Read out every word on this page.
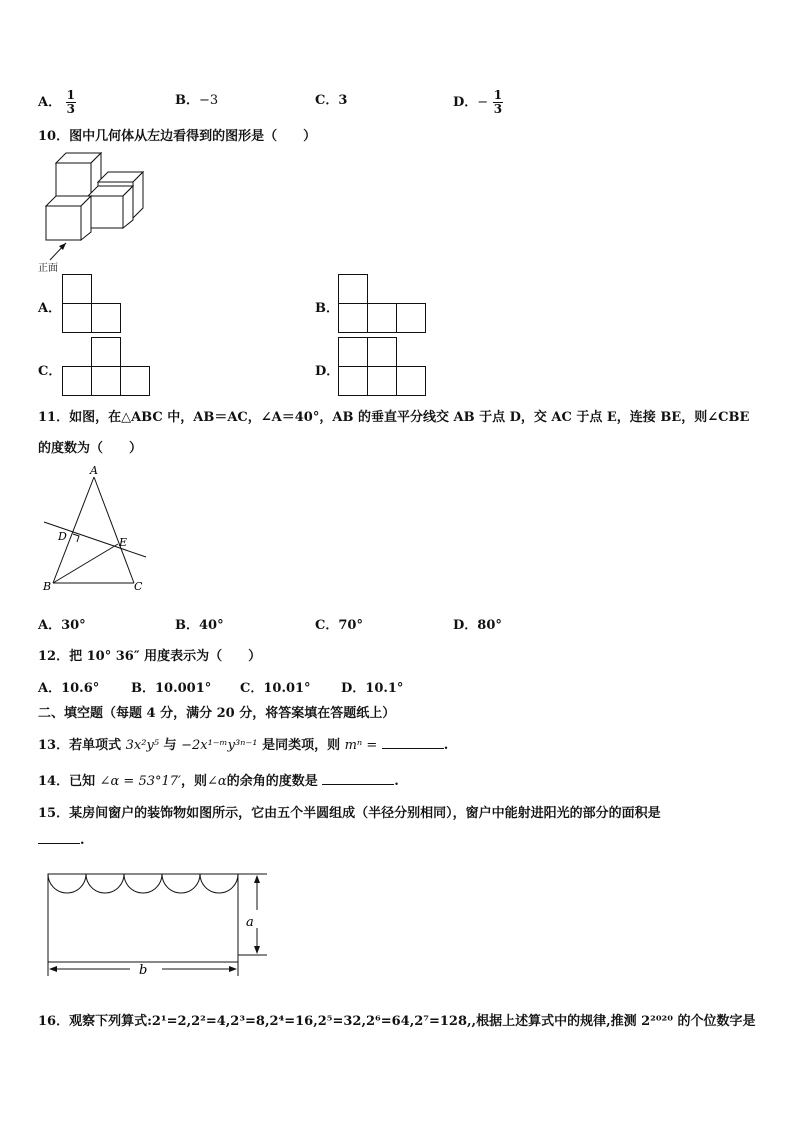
A． $\frac{1}{3}$	B．−3	C．3	D．− $\frac{1}{3}$
10．图中几何体从左边看得到的图形是（　　）
正面
A．	B．
C．	D．
11．如图，在△ABC 中，AB＝AC，∠A＝40°，AB 的垂直平分线交 AB 于点 D，交 AC 于点 E，连接 BE，则∠CBE
的度数为（　　）
A
D	E
B	C
A．30°	B．40°	C．70°	D．80°
12．把 10° 36″ 用度表示为（　　）
A．10.6° B．10.001° C．10.01° D．10.1°
二、填空题（每题 4 分，满分 20 分，将答案填在答题纸上）
13．若单项式 3x²y⁵ 与 −2x¹⁻ᵐy³ⁿ⁻¹ 是同类项，则 mⁿ =	.
14．已知 ∠α = 53°17′，则∠α的余角的度数是	.
15．某房间窗户的装饰物如图所示，它由五个半圆组成（半径分别相同），窗户中能射进阳光的部分的面积是
.
a
b
16．观察下列算式:2¹=2,2²=4,2³=8,2⁴=16,2⁵=32,2⁶=64,2⁷=128,,根据上述算式中的规律,推测 2²⁰²⁰ 的个位数字是
